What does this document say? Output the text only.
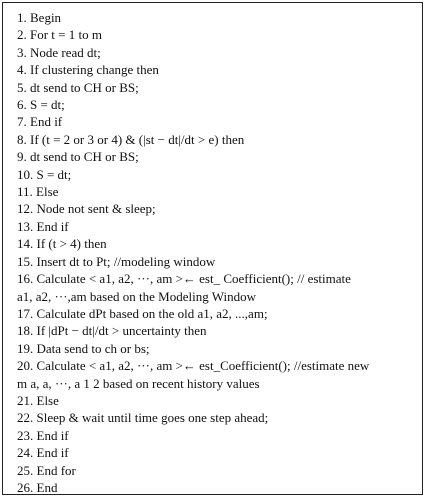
1. Begin
2. For t = 1 to m
3. Node read dt;
4. If clustering change then
5. dt send to CH or BS;
6. S = dt;
7. End if
8. If (t = 2 or 3 or 4) & (|st − dt|/dt > e) then
9. dt send to CH or BS;
10. S = dt;
11. Else
12. Node not sent & sleep;
13. End if
14. If (t > 4) then
15. Insert dt to Pt; //modeling window
16. Calculate < a1, a2, ···, am >← est_ Coefficient(); // estimate
a1, a2, ···,am based on the Modeling Window
17. Calculate dPt based on the old a1, a2, ...,am;
18. If |dPt − dt|/dt > uncertainty then
19. Data send to ch or bs;
20. Calculate < a1, a2, ···, am >← est_Coefficient(); //estimate new
m a, a, ···, a 1 2 based on recent history values
21. Else
22. Sleep & wait until time goes one step ahead;
23. End if
24. End if
25. End for
26. End
